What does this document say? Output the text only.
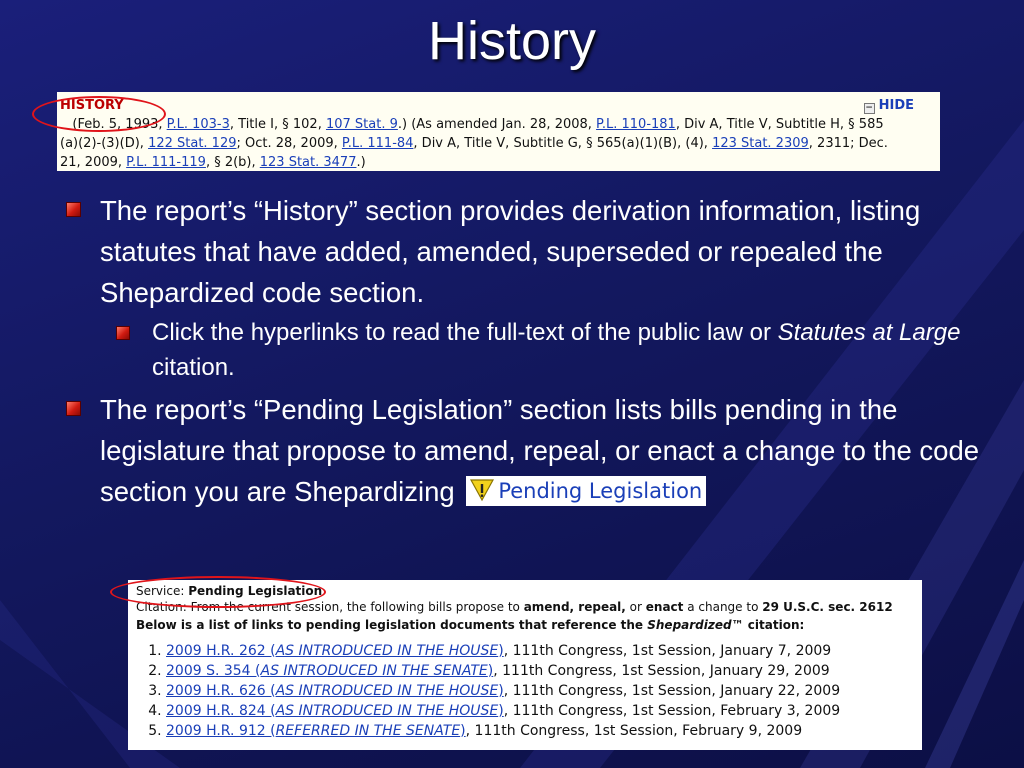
History
HISTORY	− HIDE
(Feb. 5, 1993, P.L. 103-3, Title I, § 102, 107 Stat. 9.) (As amended Jan. 28, 2008, P.L. 110-181, Div A, Title V, Subtitle H, § 585
(a)(2)-(3)(D), 122 Stat. 129; Oct. 28, 2009, P.L. 111-84, Div A, Title V, Subtitle G, § 565(a)(1)(B), (4), 123 Stat. 2309, 2311; Dec.
21, 2009, P.L. 111-119, § 2(b), 123 Stat. 3477.)
The report’s “History” section provides derivation information, listing statutes that have added, amended, superseded or repealed the Shepardized code section.
Click the hyperlinks to read the full-text of the public law or Statutes at Large citation.
The report’s “Pending Legislation” section lists bills pending in the legislature that propose to amend, repeal, or enact a change to the code section you are Shepardizing Pending Legislation
Service: Pending Legislation
Citation: From the current session, the following bills propose to amend, repeal, or enact a change to 29 U.S.C. sec. 2612
Below is a list of links to pending legislation documents that reference the Shepardized™ citation:
1. 2009 H.R. 262 (AS INTRODUCED IN THE HOUSE), 111th Congress, 1st Session, January 7, 2009
2. 2009 S. 354 (AS INTRODUCED IN THE SENATE), 111th Congress, 1st Session, January 29, 2009
3. 2009 H.R. 626 (AS INTRODUCED IN THE HOUSE), 111th Congress, 1st Session, January 22, 2009
4. 2009 H.R. 824 (AS INTRODUCED IN THE HOUSE), 111th Congress, 1st Session, February 3, 2009
5. 2009 H.R. 912 (REFERRED IN THE SENATE), 111th Congress, 1st Session, February 9, 2009
